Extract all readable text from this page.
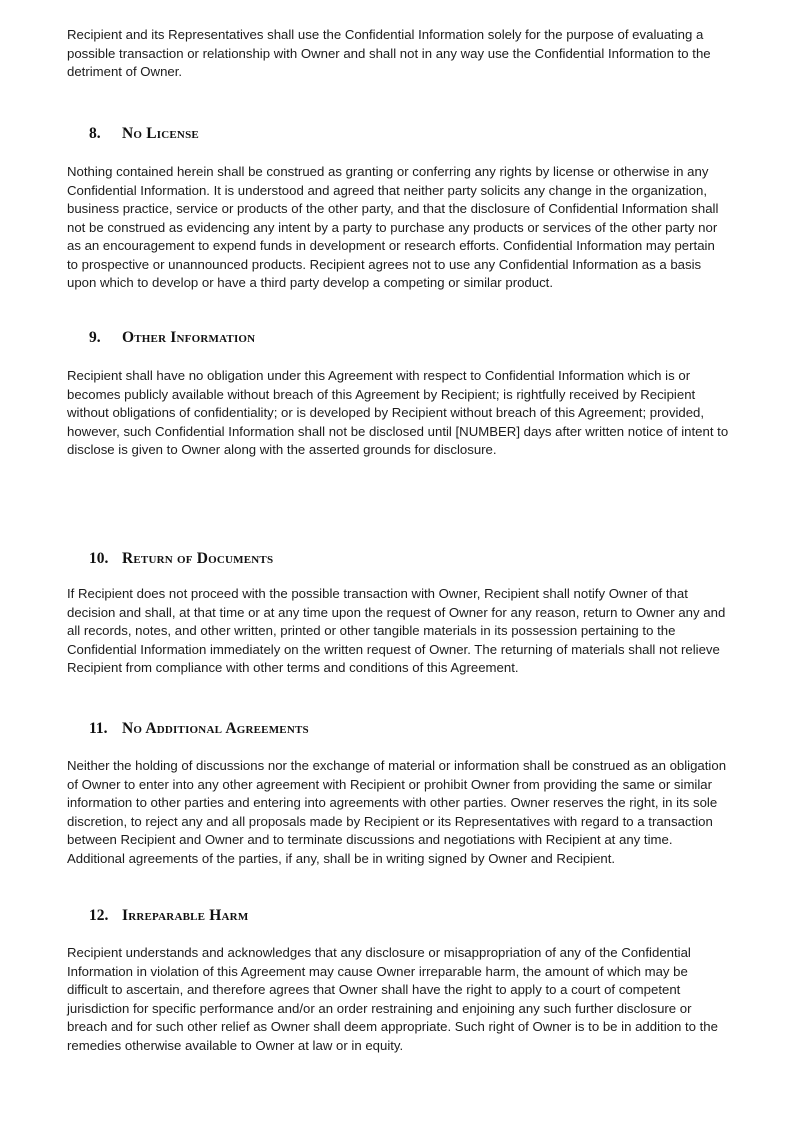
Recipient and its Representatives shall use the Confidential Information solely for the purpose of evaluating a possible transaction or relationship with Owner and shall not in any way use the Confidential Information to the detriment of Owner.

8. No License

Nothing contained herein shall be construed as granting or conferring any rights by license or otherwise in any Confidential Information. It is understood and agreed that neither party solicits any change in the organization, business practice, service or products of the other party, and that the disclosure of Confidential Information shall not be construed as evidencing any intent by a party to purchase any products or services of the other party nor as an encouragement to expend funds in development or research efforts. Confidential Information may pertain to prospective or unannounced products. Recipient agrees not to use any Confidential Information as a basis upon which to develop or have a third party develop a competing or similar product.

9. Other Information

Recipient shall have no obligation under this Agreement with respect to Confidential Information which is or becomes publicly available without breach of this Agreement by Recipient; is rightfully received by Recipient without obligations of confidentiality; or is developed by Recipient without breach of this Agreement; provided, however, such Confidential Information shall not be disclosed until [NUMBER] days after written notice of intent to disclose is given to Owner along with the asserted grounds for disclosure.

10. Return of Documents

If Recipient does not proceed with the possible transaction with Owner, Recipient shall notify Owner of that decision and shall, at that time or at any time upon the request of Owner for any reason, return to Owner any and all records, notes, and other written, printed or other tangible materials in its possession pertaining to the Confidential Information immediately on the written request of Owner. The returning of materials shall not relieve Recipient from compliance with other terms and conditions of this Agreement.

11. No Additional Agreements

Neither the holding of discussions nor the exchange of material or information shall be construed as an obligation of Owner to enter into any other agreement with Recipient or prohibit Owner from providing the same or similar information to other parties and entering into agreements with other parties. Owner reserves the right, in its sole discretion, to reject any and all proposals made by Recipient or its Representatives with regard to a transaction between Recipient and Owner and to terminate discussions and negotiations with Recipient at any time. Additional agreements of the parties, if any, shall be in writing signed by Owner and Recipient.

12. Irreparable Harm

Recipient understands and acknowledges that any disclosure or misappropriation of any of the Confidential Information in violation of this Agreement may cause Owner irreparable harm, the amount of which may be difficult to ascertain, and therefore agrees that Owner shall have the right to apply to a court of competent jurisdiction for specific performance and/or an order restraining and enjoining any such further disclosure or breach and for such other relief as Owner shall deem appropriate. Such right of Owner is to be in addition to the remedies otherwise available to Owner at law or in equity.
